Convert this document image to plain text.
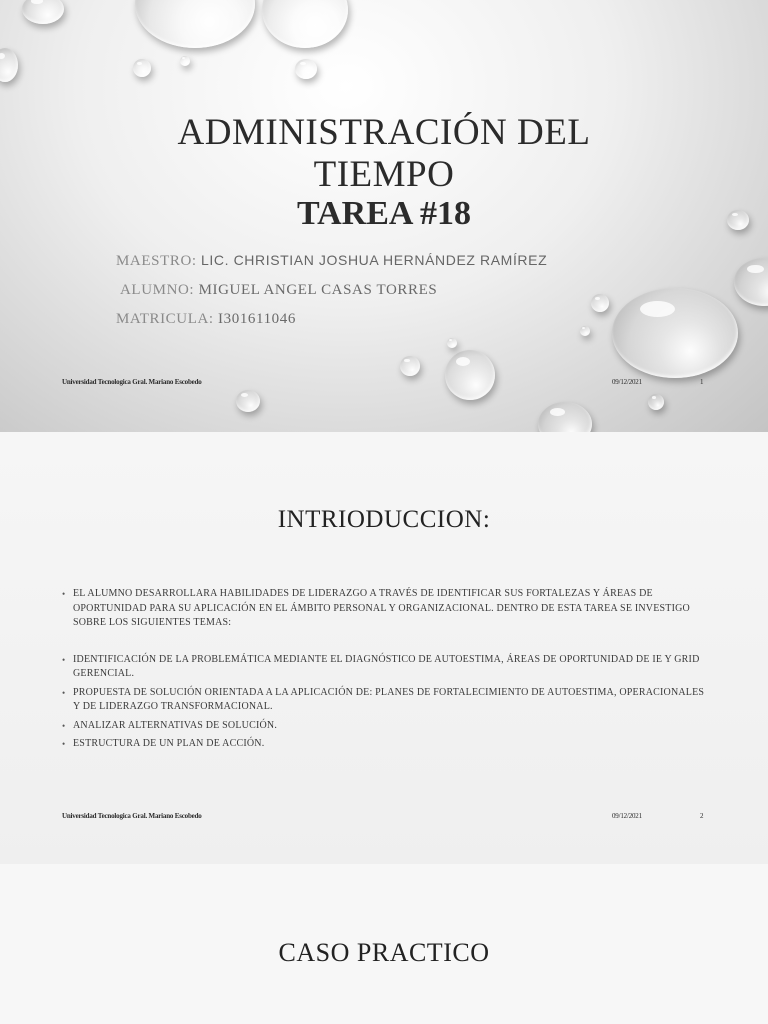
ADMINISTRACIÓN DEL
TIEMPO
TAREA #18
MAESTRO: LIC. CHRISTIAN JOSHUA HERNÁNDEZ RAMÍREZ
ALUMNO: MIGUEL ANGEL CASAS TORRES
MATRICULA: I301611046
Universidad Tecnologica Gral. Mariano Escobedo	09/12/2021	1
INTRIODUCCION:
• EL ALUMNO DESARROLLARA HABILIDADES DE LIDERAZGO A TRAVÉS DE IDENTIFICAR SUS FORTALEZAS Y ÁREAS DE OPORTUNIDAD PARA SU APLICACIÓN EN EL ÁMBITO PERSONAL Y ORGANIZACIONAL. DENTRO DE ESTA TAREA SE INVESTIGO SOBRE LOS SIGUIENTES TEMAS:
• IDENTIFICACIÓN DE LA PROBLEMÁTICA MEDIANTE EL DIAGNÓSTICO DE AUTOESTIMA, ÁREAS DE OPORTUNIDAD DE IE Y GRID GERENCIAL.
• PROPUESTA DE SOLUCIÓN ORIENTADA A LA APLICACIÓN DE: PLANES DE FORTALECIMIENTO DE AUTOESTIMA, OPERACIONALES Y DE LIDERAZGO TRANSFORMACIONAL.
• ANALIZAR ALTERNATIVAS DE SOLUCIÓN.
• ESTRUCTURA DE UN PLAN DE ACCIÓN.
Universidad Tecnologica Gral. Mariano Escobedo	09/12/2021	2
CASO PRACTICO
